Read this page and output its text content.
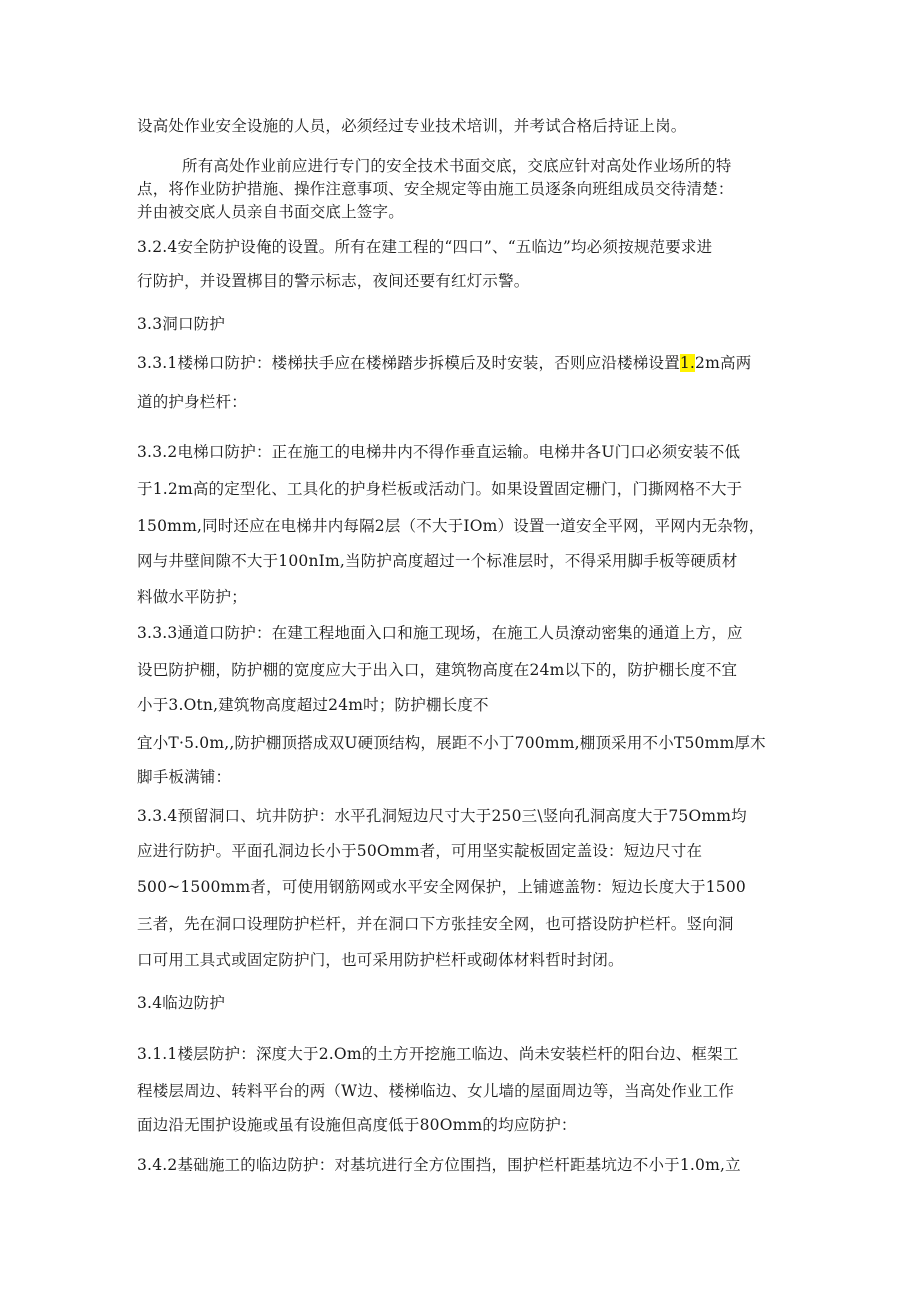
设高处作业安全设施的人员，必须经过专业技术培训，并考试合格后持证上岗。
所有高处作业前应进行专门的安全技术书面交底，交底应针对高处作业场所的特
点，将作业防护措施、操作注意事项、安全规定等由施工员逐条向班组成员交待清楚：
并由被交底人员亲自书面交底上签字。
3.2.4安全防护设俺的设置。所有在建工程的“四口”、“五临边”均必须按规范要求进
行防护，并设置梆目的警示标志，夜间还要有红灯示警。
3.3洞口防护
3.3.1楼梯口防护：楼梯扶手应在楼梯踏步拆模后及时安装，否则应沿楼梯设置1.2m高两
道的护身栏杆：
3.3.2电梯口防护：正在施工的电梯井内不得作垂直运输。电梯井各U门口必须安装不低
于1.2m高的定型化、工具化的护身栏板或活动门。如果设置固定栅门，门撕网格不大于
150mm,同时还应在电梯井内每隔2层（不大于IOm）设置一道安全平网，平网内无杂物，
网与井壁间隙不大于100nIm,当防护高度超过一个标准层时，不得采用脚手板等硬质材
料做水平防护；
3.3.3通道口防护：在建工程地面入口和施工现场，在施工人员潦动密集的通道上方，应
设巴防护棚，防护棚的宽度应大于出入口，建筑物高度在24m以下的，防护棚长度不宜
小于3.Otn,建筑物高度超过24m吋；防护棚长度不
宜小T·5.0m,,防护棚顶搭成双U硬顶结构，展距不小丁700mm,棚顶采用不小T50mm厚木
脚手板满铺：
3.3.4预留洞口、坑井防护：水平孔洞短边尺寸大于250三\竖向孔洞高度大于75Omm均
应进行防护。平面孔洞边长小于50Omm者，可用坚实靛板固定盖设：短边尺寸在
500~1500mm者，可使用钢筋网或水平安全网保护，上铺遮盖物：短边长度大于1500
三者，先在洞口设理防护栏杆，并在洞口下方张挂安全网，也可搭设防护栏杆。竖向洞
口可用工具式或固定防护门，也可采用防护栏杆或砌体材料哲时封闭。
3.4临边防护
3.1.1楼层防护：深度大于2.Om的土方开挖施工临边、尚未安装栏杆的阳台边、框架工
程楼层周边、转料平台的两（W边、楼梯临边、女儿墙的屋面周边等，当高处作业工作
面边沿无围护设施或虽有设施但高度低于80Omm的均应防护：
3.4.2基础施工的临边防护：对基坑进行全方位围挡，围护栏杆距基坑边不小于1.0m,立
